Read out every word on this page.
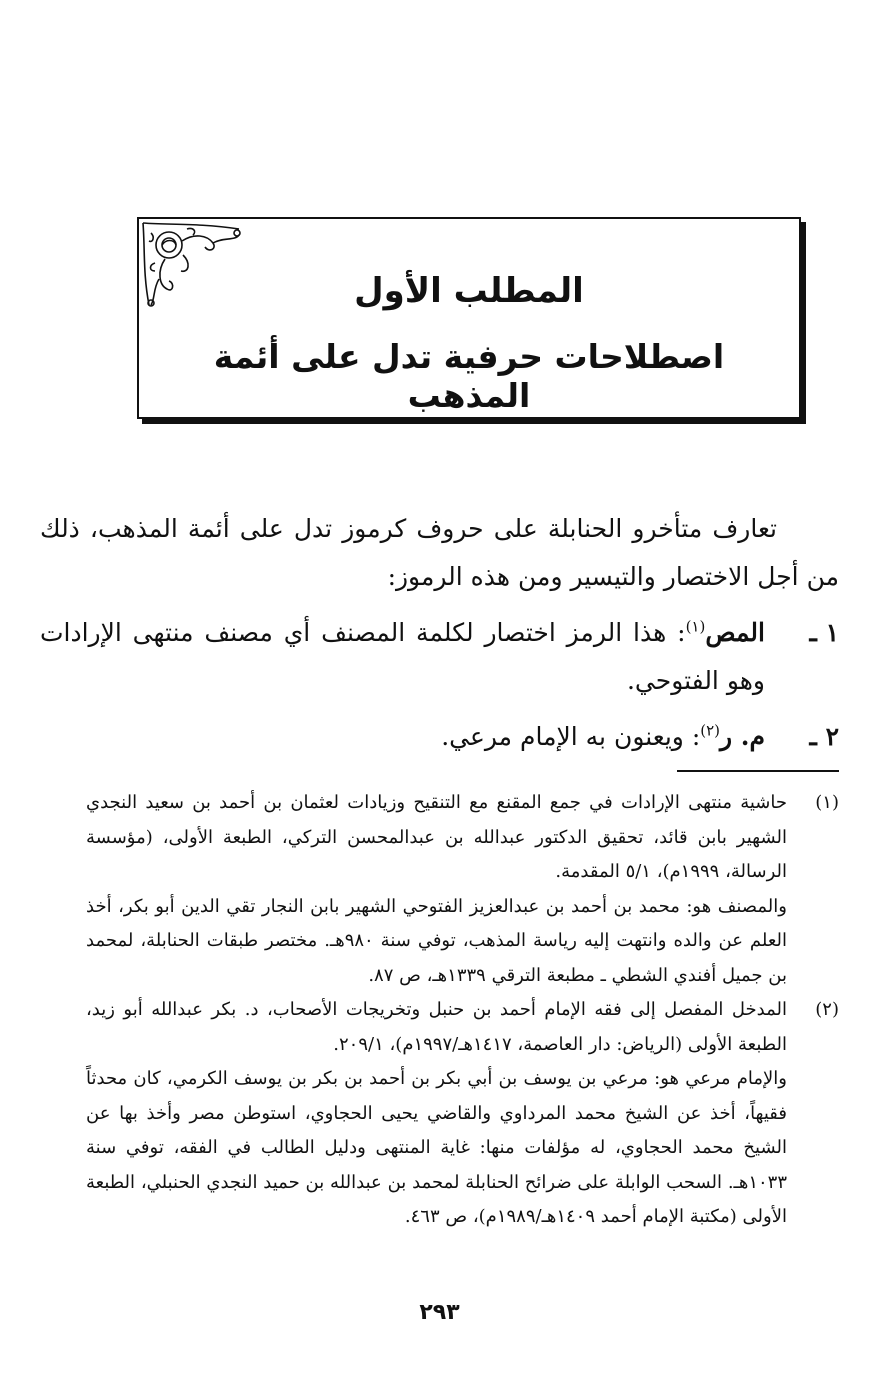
المطلب الأول
اصطلاحات حرفية تدل على أئمة المذهب

تعارف متأخرو الحنابلة على حروف كرموز تدل على أئمة المذهب، ذلك من أجل الاختصار والتيسير ومن هذه الرموز:

١ ـ
المص$^{(١)}$: هذا الرمز اختصار لكلمة المصنف أي مصنف منتهى الإرادات وهو الفتوحي.
٢ ـ
م. ر$^{(٢)}$: ويعنون به الإمام مرعي.
(١)

حاشية منتهى الإرادات في جمع المقنع مع التنقيح وزيادات لعثمان بن أحمد بن سعيد النجدي الشهير بابن قائد، تحقيق الدكتور عبدالله بن عبدالمحسن التركي، الطبعة الأولى، (مؤسسة الرسالة، ١٩٩٩م)، ٥/١ المقدمة.

والمصنف هو: محمد بن أحمد بن عبدالعزيز الفتوحي الشهير بابن النجار تقي الدين أبو بكر، أخذ العلم عن والده وانتهت إليه رياسة المذهب، توفي سنة ٩٨٠هـ. مختصر طبقات الحنابلة، لمحمد بن جميل أفندي الشطي ـ مطبعة الترقي ١٣٣٩هـ، ص ٨٧.

(٢)

المدخل المفصل إلى فقه الإمام أحمد بن حنبل وتخريجات الأصحاب، د. بكر عبدالله أبو زيد، الطبعة الأولى (الرياض: دار العاصمة، ١٤١٧هـ/١٩٩٧م)، ٢٠٩/١.

والإمام مرعي هو: مرعي بن يوسف بن أبي بكر بن أحمد بن بكر بن يوسف الكرمي، كان محدثاً فقيهاً، أخذ عن الشيخ محمد المرداوي والقاضي يحيى الحجاوي، استوطن مصر وأخذ بها عن الشيخ محمد الحجاوي، له مؤلفات منها: غاية المنتهى ودليل الطالب في الفقه، توفي سنة ١٠٣٣هـ. السحب الوابلة على ضرائح الحنابلة لمحمد بن عبدالله بن حميد النجدي الحنبلي، الطبعة الأولى (مكتبة الإمام أحمد ١٤٠٩هـ/١٩٨٩م)، ص ٤٦٣.

٢٩٣
